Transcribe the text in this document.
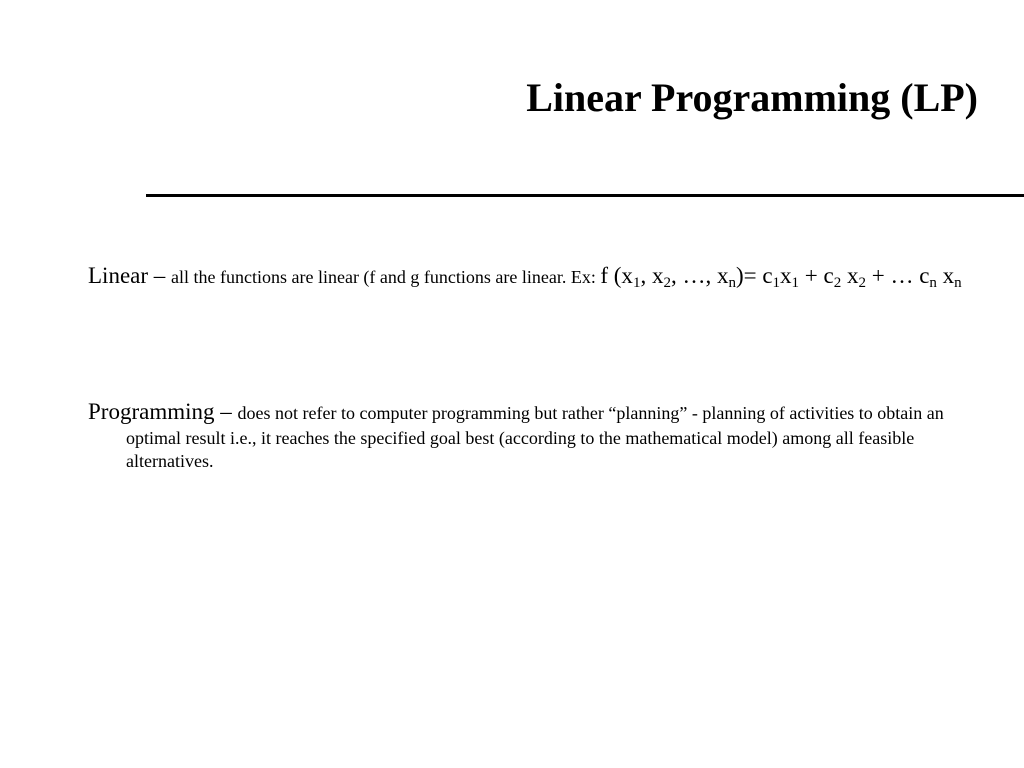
Linear Programming (LP)

Linear – all the functions are linear (f and g functions are linear. Ex: f ($x_1$, $x_2$, …, $x_n)= c_1x_1 + c_2$ $x_2$ + … $c_n$ $x_n$

Programming – does not refer to computer programming but rather “planning” - planning of activities to obtain an optimal result i.e., it reaches the specified goal best (according to the mathematical model) among all feasible alternatives.
